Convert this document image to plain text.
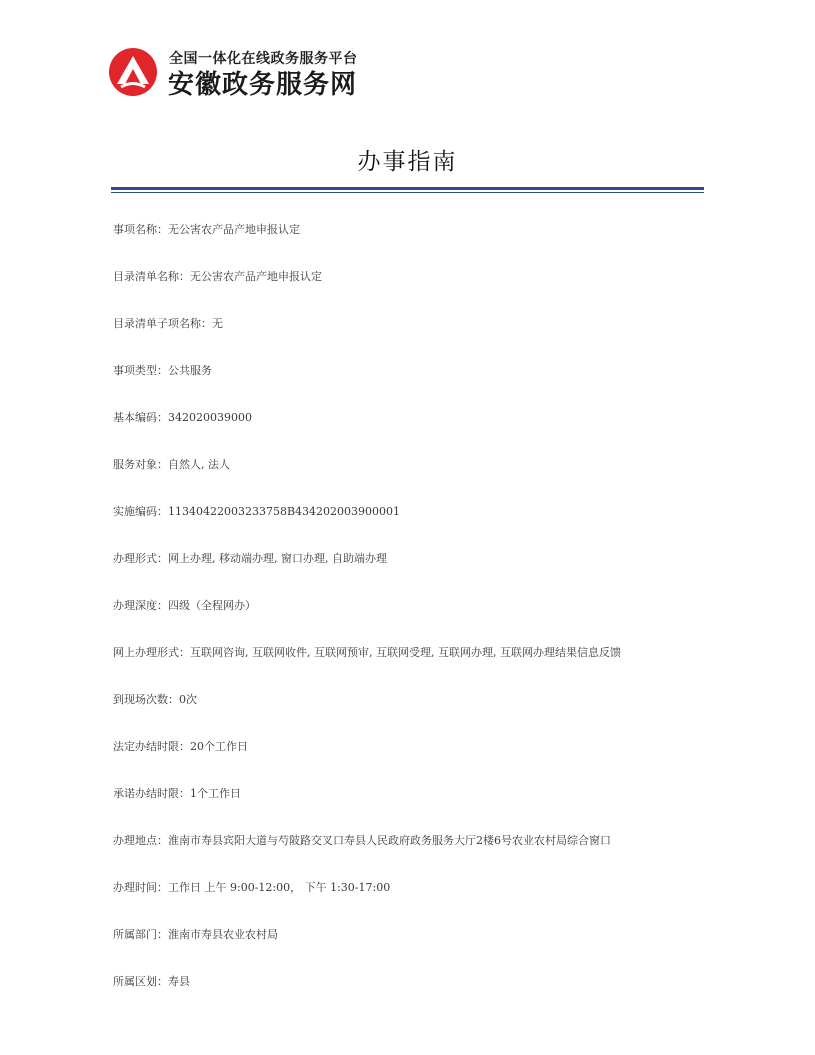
全国一体化在线政务服务平台
安徽政务服务网
办事指南
事项名称：无公害农产品产地申报认定
目录清单名称：无公害农产品产地申报认定
目录清单子项名称：无
事项类型：公共服务
基本编码：342020039000
服务对象：自然人, 法人
实施编码：11340422003233758B434202003900001
办理形式：网上办理, 移动端办理, 窗口办理, 自助端办理
办理深度：四级（全程网办）
网上办理形式：互联网咨询, 互联网收件, 互联网预审, 互联网受理, 互联网办理, 互联网办理结果信息反馈
到现场次数：0次
法定办结时限：20个工作日
承诺办结时限：1个工作日
办理地点：淮南市寿县宾阳大道与芍陂路交叉口寿县人民政府政务服务大厅2楼6号农业农村局综合窗口
办理时间：工作日 上午 9:00-12:00， 下午 1:30-17:00
所属部门：淮南市寿县农业农村局
所属区划：寿县
